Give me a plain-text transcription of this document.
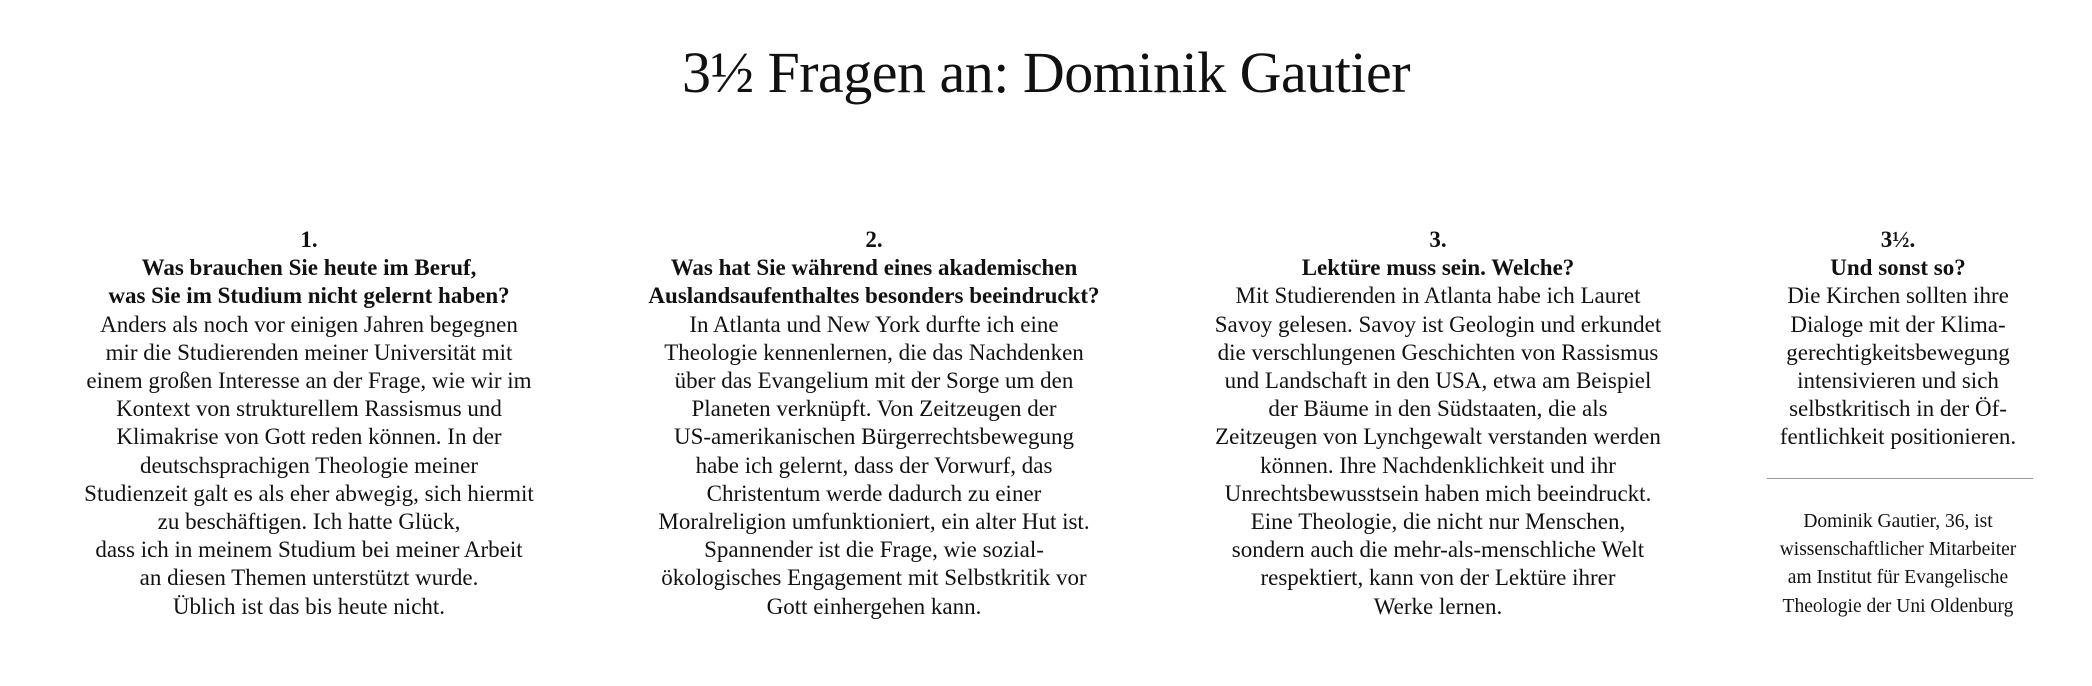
3½ Fragen an: Dominik Gautier
1.
Was brauchen Sie heute im Beruf,
was Sie im Studium nicht gelernt haben?
Anders als noch vor einigen Jahren begegnen
mir die Studierenden meiner Universität mit
einem großen Interesse an der Frage, wie wir im
Kontext von strukturellem Rassismus und
Klimakrise von Gott reden können. In der
deutschsprachigen Theologie meiner
Studienzeit galt es als eher abwegig, sich hiermit
zu beschäftigen. Ich hatte Glück,
dass ich in meinem Studium bei meiner Arbeit
an diesen Themen unterstützt wurde.
Üblich ist das bis heute nicht.
2.
Was hat Sie während eines akademischen
Auslandsaufenthaltes besonders beeindruckt?
In Atlanta und New York durfte ich eine
Theologie kennenlernen, die das Nachdenken
über das Evangelium mit der Sorge um den
Planeten verknüpft. Von Zeitzeugen der
US-amerikanischen Bürgerrechtsbewegung
habe ich gelernt, dass der Vorwurf, das
Christentum werde dadurch zu einer
Moralreligion umfunktioniert, ein alter Hut ist.
Spannender ist die Frage, wie sozial-
ökologisches Engagement mit Selbstkritik vor
Gott einhergehen kann.
3.
Lektüre muss sein. Welche?
Mit Studierenden in Atlanta habe ich Lauret
Savoy gelesen. Savoy ist Geologin und erkundet
die verschlungenen Geschichten von Rassismus
und Landschaft in den USA, etwa am Beispiel
der Bäume in den Südstaaten, die als
Zeitzeugen von Lynchgewalt verstanden werden
können. Ihre Nachdenklichkeit und ihr
Unrechtsbewusstsein haben mich beeindruckt.
Eine Theologie, die nicht nur Menschen,
sondern auch die mehr-als-menschliche Welt
respektiert, kann von der Lektüre ihrer
Werke lernen.
3½.
Und sonst so?
Die Kirchen sollten ihre
Dialoge mit der Klima-
gerechtigkeitsbewegung
intensivieren und sich
selbstkritisch in der Öf-
fentlichkeit positionieren.
Dominik Gautier, 36, ist
wissenschaftlicher Mitarbeiter
am Institut für Evangelische
Theologie der Uni Oldenburg
